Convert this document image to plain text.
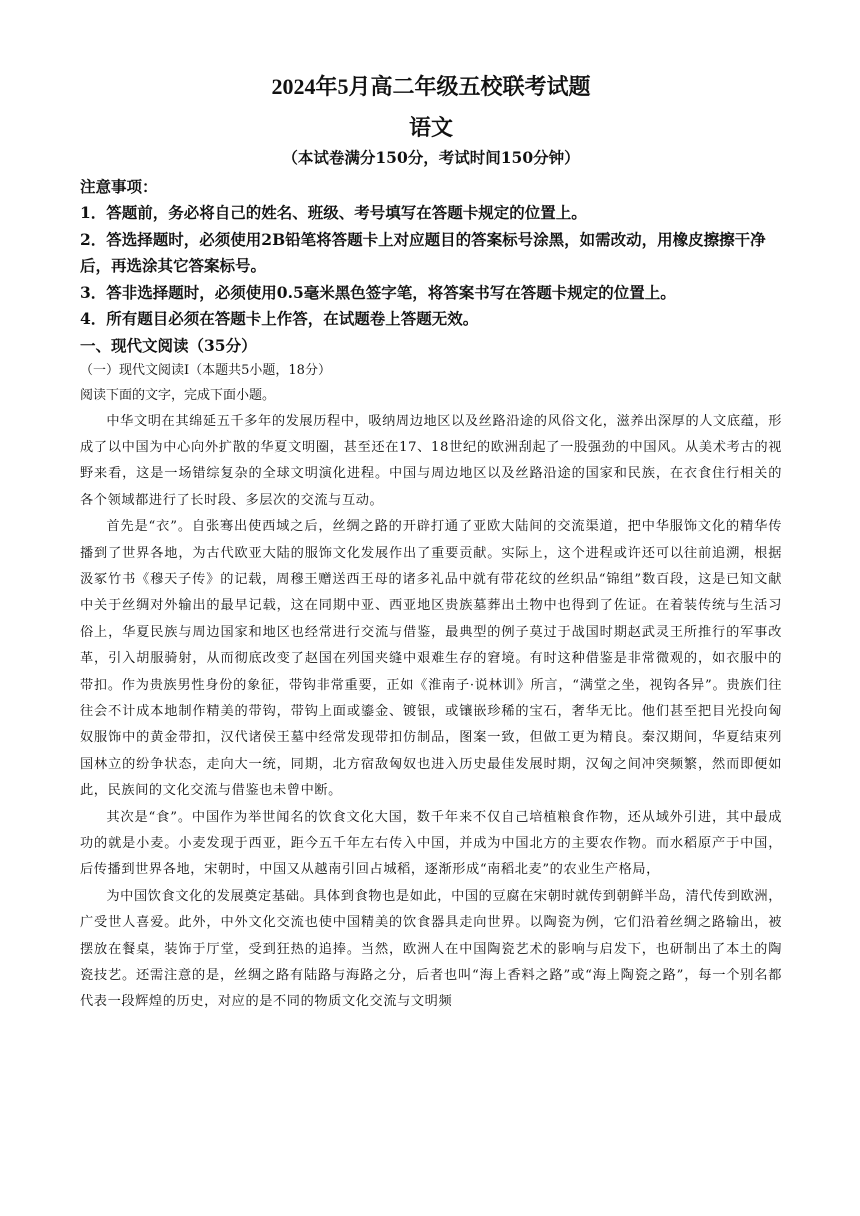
2024年5月高二年级五校联考试题
语文
（本试卷满分150分，考试时间150分钟）
注意事项：
1．答题前，务必将自己的姓名、班级、考号填写在答题卡规定的位置上。
2．答选择题时，必须使用2B铅笔将答题卡上对应题目的答案标号涂黑，如需改动，用橡皮擦擦干净后，再选涂其它答案标号。
3．答非选择题时，必须使用0.5毫米黑色签字笔，将答案书写在答题卡规定的位置上。
4．所有题目必须在答题卡上作答，在试题卷上答题无效。
一、现代文阅读（35分）
（一）现代文阅读Ⅰ（本题共5小题，18分）
阅读下面的文字，完成下面小题。

中华文明在其绵延五千多年的发展历程中，吸纳周边地区以及丝路沿途的风俗文化，滋养出深厚的人文底蕴，形成了以中国为中心向外扩散的华夏文明圈，甚至还在17、18世纪的欧洲刮起了一股强劲的中国风。从美术考古的视野来看，这是一场错综复杂的全球文明演化进程。中国与周边地区以及丝路沿途的国家和民族，在衣食住行相关的各个领域都进行了长时段、多层次的交流与互动。

首先是“衣”。自张骞出使西域之后，丝绸之路的开辟打通了亚欧大陆间的交流渠道，把中华服饰文化的精华传播到了世界各地，为古代欧亚大陆的服饰文化发展作出了重要贡献。实际上，这个进程或许还可以往前追溯，根据汲冢竹书《穆天子传》的记载，周穆王赠送西王母的诸多礼品中就有带花纹的丝织品“锦组”数百段，这是已知文献中关于丝绸对外输出的最早记载，这在同期中亚、西亚地区贵族墓葬出土物中也得到了佐证。在着装传统与生活习俗上，华夏民族与周边国家和地区也经常进行交流与借鉴，最典型的例子莫过于战国时期赵武灵王所推行的军事改革，引入胡服骑射，从而彻底改变了赵国在列国夹缝中艰难生存的窘境。有时这种借鉴是非常微观的，如衣服中的带扣。作为贵族男性身份的象征，带钩非常重要，正如《淮南子·说林训》所言，“满堂之坐，视钩各异”。贵族们往往会不计成本地制作精美的带钩，带钩上面或鎏金、镀银，或镶嵌珍稀的宝石，奢华无比。他们甚至把目光投向匈奴服饰中的黄金带扣，汉代诸侯王墓中经常发现带扣仿制品，图案一致，但做工更为精良。秦汉期间，华夏结束列国林立的纷争状态，走向大一统，同期，北方宿敌匈奴也进入历史最佳发展时期，汉匈之间冲突频繁，然而即便如此，民族间的文化交流与借鉴也未曾中断。

其次是“食”。中国作为举世闻名的饮食文化大国，数千年来不仅自己培植粮食作物，还从域外引进，其中最成功的就是小麦。小麦发现于西亚，距今五千年左右传入中国，并成为中国北方的主要农作物。而水稻原产于中国，后传播到世界各地，宋朝时，中国又从越南引回占城稻，逐渐形成“南稻北麦”的农业生产格局，

为中国饮食文化的发展奠定基础。具体到食物也是如此，中国的豆腐在宋朝时就传到朝鲜半岛，清代传到欧洲，广受世人喜爱。此外，中外文化交流也使中国精美的饮食器具走向世界。以陶瓷为例，它们沿着丝绸之路输出，被摆放在餐桌，装饰于厅堂，受到狂热的追捧。当然，欧洲人在中国陶瓷艺术的影响与启发下，也研制出了本土的陶瓷技艺。还需注意的是，丝绸之路有陆路与海路之分，后者也叫“海上香料之路”或“海上陶瓷之路”，每一个别名都代表一段辉煌的历史，对应的是不同的物质文化交流与文明频
